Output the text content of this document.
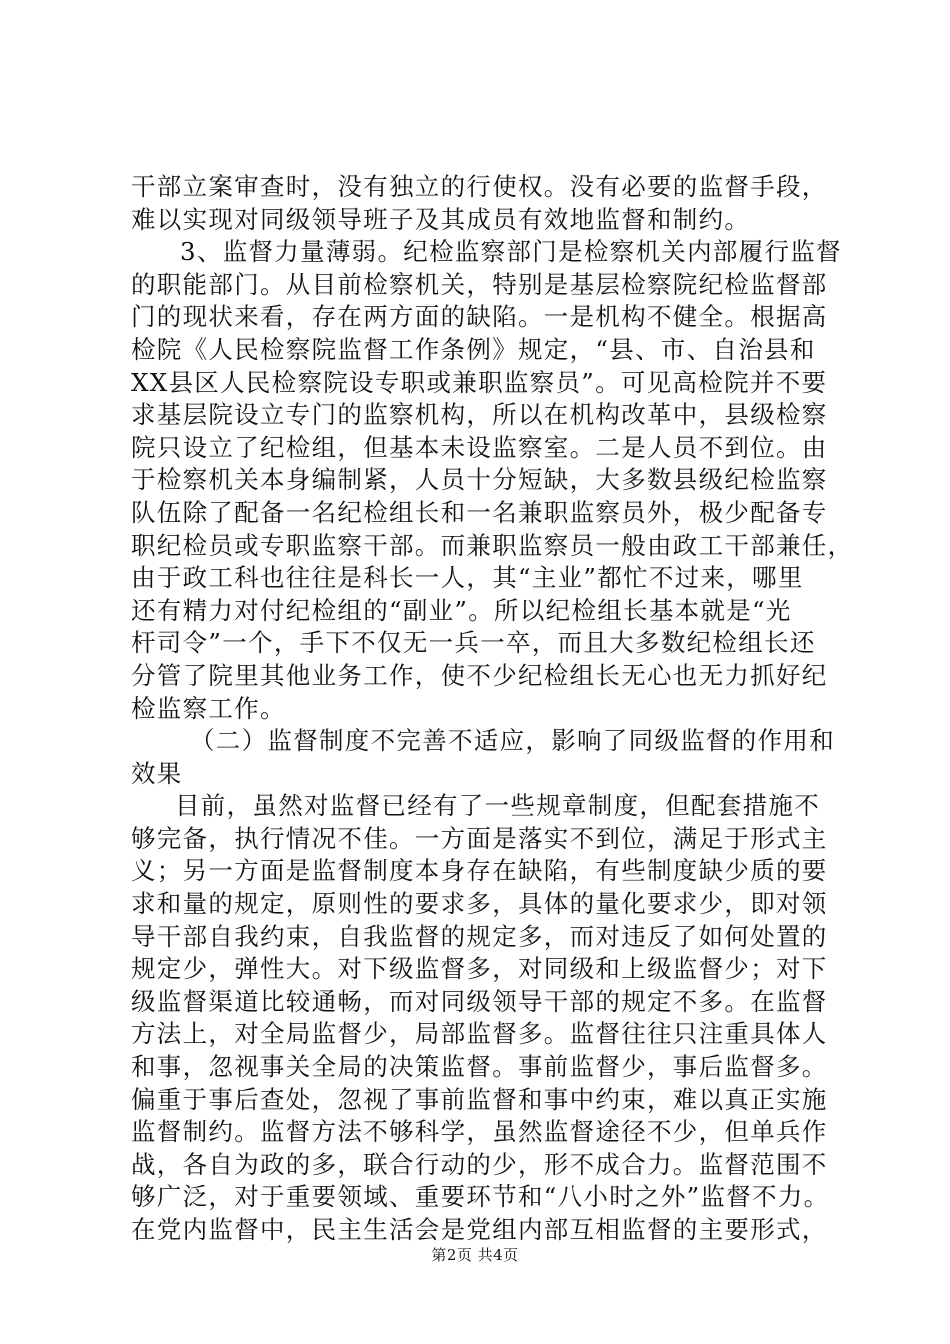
干部立案审查时，没有独立的行使权。没有必要的监督手段，
难以实现对同级领导班子及其成员有效地监督和制约。
3、监督力量薄弱。纪检监察部门是检察机关内部履行监督
的职能部门。从目前检察机关，特别是基层检察院纪检监督部
门的现状来看，存在两方面的缺陷。一是机构不健全。根据高
检院《人民检察院监督工作条例》规定，“县、市、自治县和
XX县区人民检察院设专职或兼职监察员”。可见高检院并不要
求基层院设立专门的监察机构，所以在机构改革中，县级检察
院只设立了纪检组，但基本未设监察室。二是人员不到位。由
于检察机关本身编制紧，人员十分短缺，大多数县级纪检监察
队伍除了配备一名纪检组长和一名兼职监察员外，极少配备专
职纪检员或专职监察干部。而兼职监察员一般由政工干部兼任，
由于政工科也往往是科长一人，其“主业”都忙不过来，哪里
还有精力对付纪检组的“副业”。所以纪检组长基本就是“光
杆司令”一个，手下不仅无一兵一卒，而且大多数纪检组长还
分管了院里其他业务工作，使不少纪检组长无心也无力抓好纪
检监察工作。
（二）监督制度不完善不适应，影响了同级监督的作用和
效果
目前，虽然对监督已经有了一些规章制度，但配套措施不
够完备，执行情况不佳。一方面是落实不到位，满足于形式主
义；另一方面是监督制度本身存在缺陷，有些制度缺少质的要
求和量的规定，原则性的要求多，具体的量化要求少，即对领
导干部自我约束，自我监督的规定多，而对违反了如何处置的
规定少，弹性大。对下级监督多，对同级和上级监督少；对下
级监督渠道比较通畅，而对同级领导干部的规定不多。在监督
方法上，对全局监督少，局部监督多。监督往往只注重具体人
和事，忽视事关全局的决策监督。事前监督少，事后监督多。
偏重于事后查处，忽视了事前监督和事中约束，难以真正实施
监督制约。监督方法不够科学，虽然监督途径不少，但单兵作
战，各自为政的多，联合行动的少，形不成合力。监督范围不
够广泛，对于重要领域、重要环节和“八小时之外”监督不力。
在党内监督中，民主生活会是党组内部互相监督的主要形式，
第2页 共4页
